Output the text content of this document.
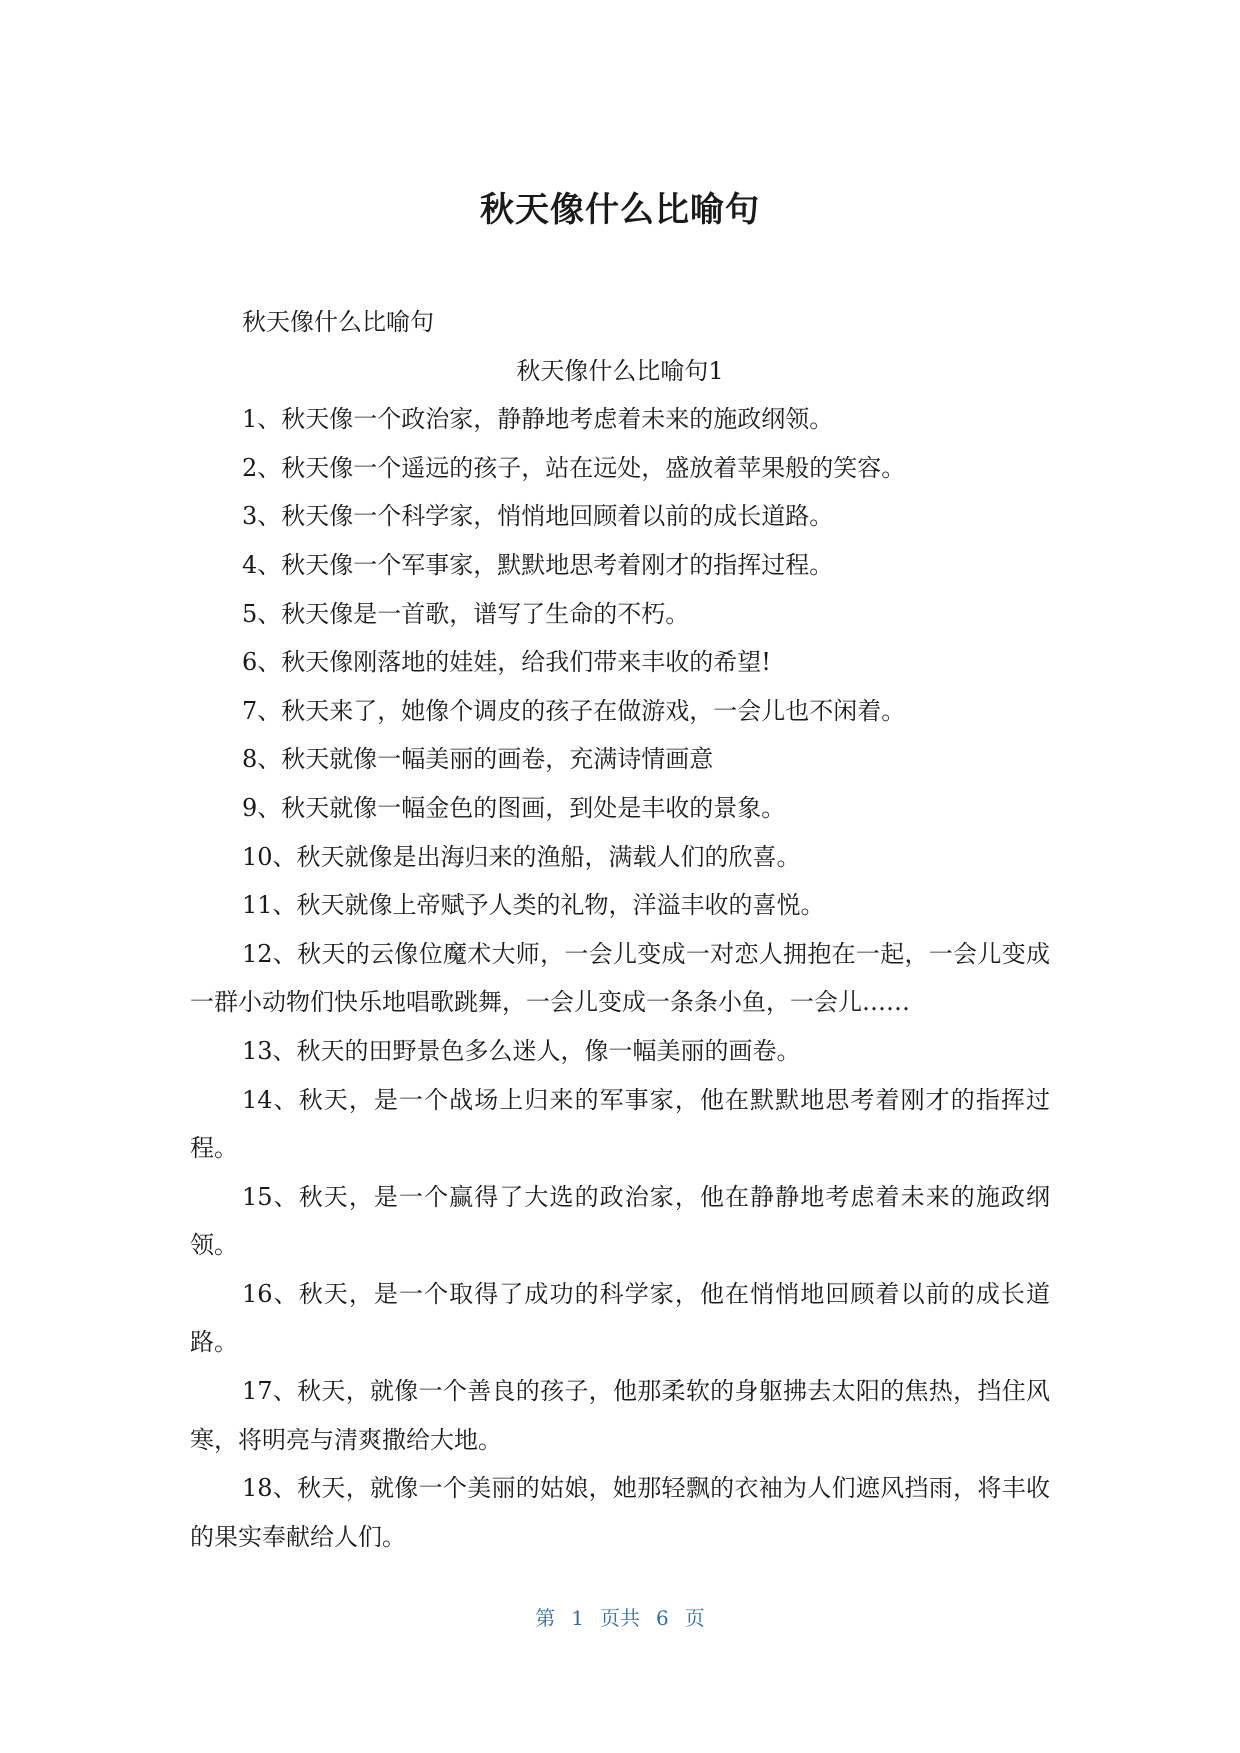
秋天像什么比喻句

秋天像什么比喻句

秋天像什么比喻句1

1、秋天像一个政治家，静静地考虑着未来的施政纲领。

2、秋天像一个遥远的孩子，站在远处，盛放着苹果般的笑容。

3、秋天像一个科学家，悄悄地回顾着以前的成长道路。

4、秋天像一个军事家，默默地思考着刚才的指挥过程。

5、秋天像是一首歌，谱写了生命的不朽。

6、秋天像刚落地的娃娃，给我们带来丰收的希望!

7、秋天来了，她像个调皮的孩子在做游戏，一会儿也不闲着。

8、秋天就像一幅美丽的画卷，充满诗情画意

9、秋天就像一幅金色的图画，到处是丰收的景象。

10、秋天就像是出海归来的渔船，满载人们的欣喜。

11、秋天就像上帝赋予人类的礼物，洋溢丰收的喜悦。

12、秋天的云像位魔术大师，一会儿变成一对恋人拥抱在一起，一会儿变成一群小动物们快乐地唱歌跳舞，一会儿变成一条条小鱼，一会儿……

13、秋天的田野景色多么迷人，像一幅美丽的画卷。

14、秋天，是一个战场上归来的军事家，他在默默地思考着刚才的指挥过程。

15、秋天，是一个赢得了大选的政治家，他在静静地考虑着未来的施政纲领。

16、秋天，是一个取得了成功的科学家，他在悄悄地回顾着以前的成长道路。

17、秋天，就像一个善良的孩子，他那柔软的身躯拂去太阳的焦热，挡住风寒，将明亮与清爽撒给大地。

18、秋天，就像一个美丽的姑娘，她那轻飘的衣袖为人们遮风挡雨，将丰收的果实奉献给人们。

第 1 页共 6 页
